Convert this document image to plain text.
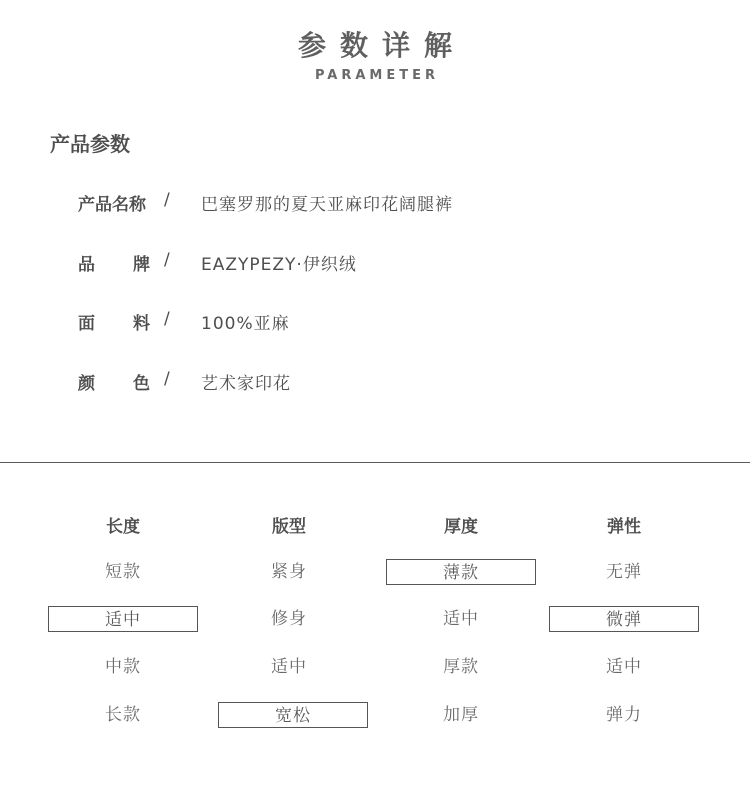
参数详解
PARAMETER
产品参数
产品名称 / 巴塞罗那的夏天亚麻印花阔腿裤
品 牌 / EAZYPEZY·伊织绒
面 料 / 100%亚麻
颜 色 / 艺术家印花
长度
短款
适中
中款
长款
版型
紧身
修身
适中
宽松
厚度
薄款
适中
厚款
加厚
弹性
无弹
微弹
适中
弹力
